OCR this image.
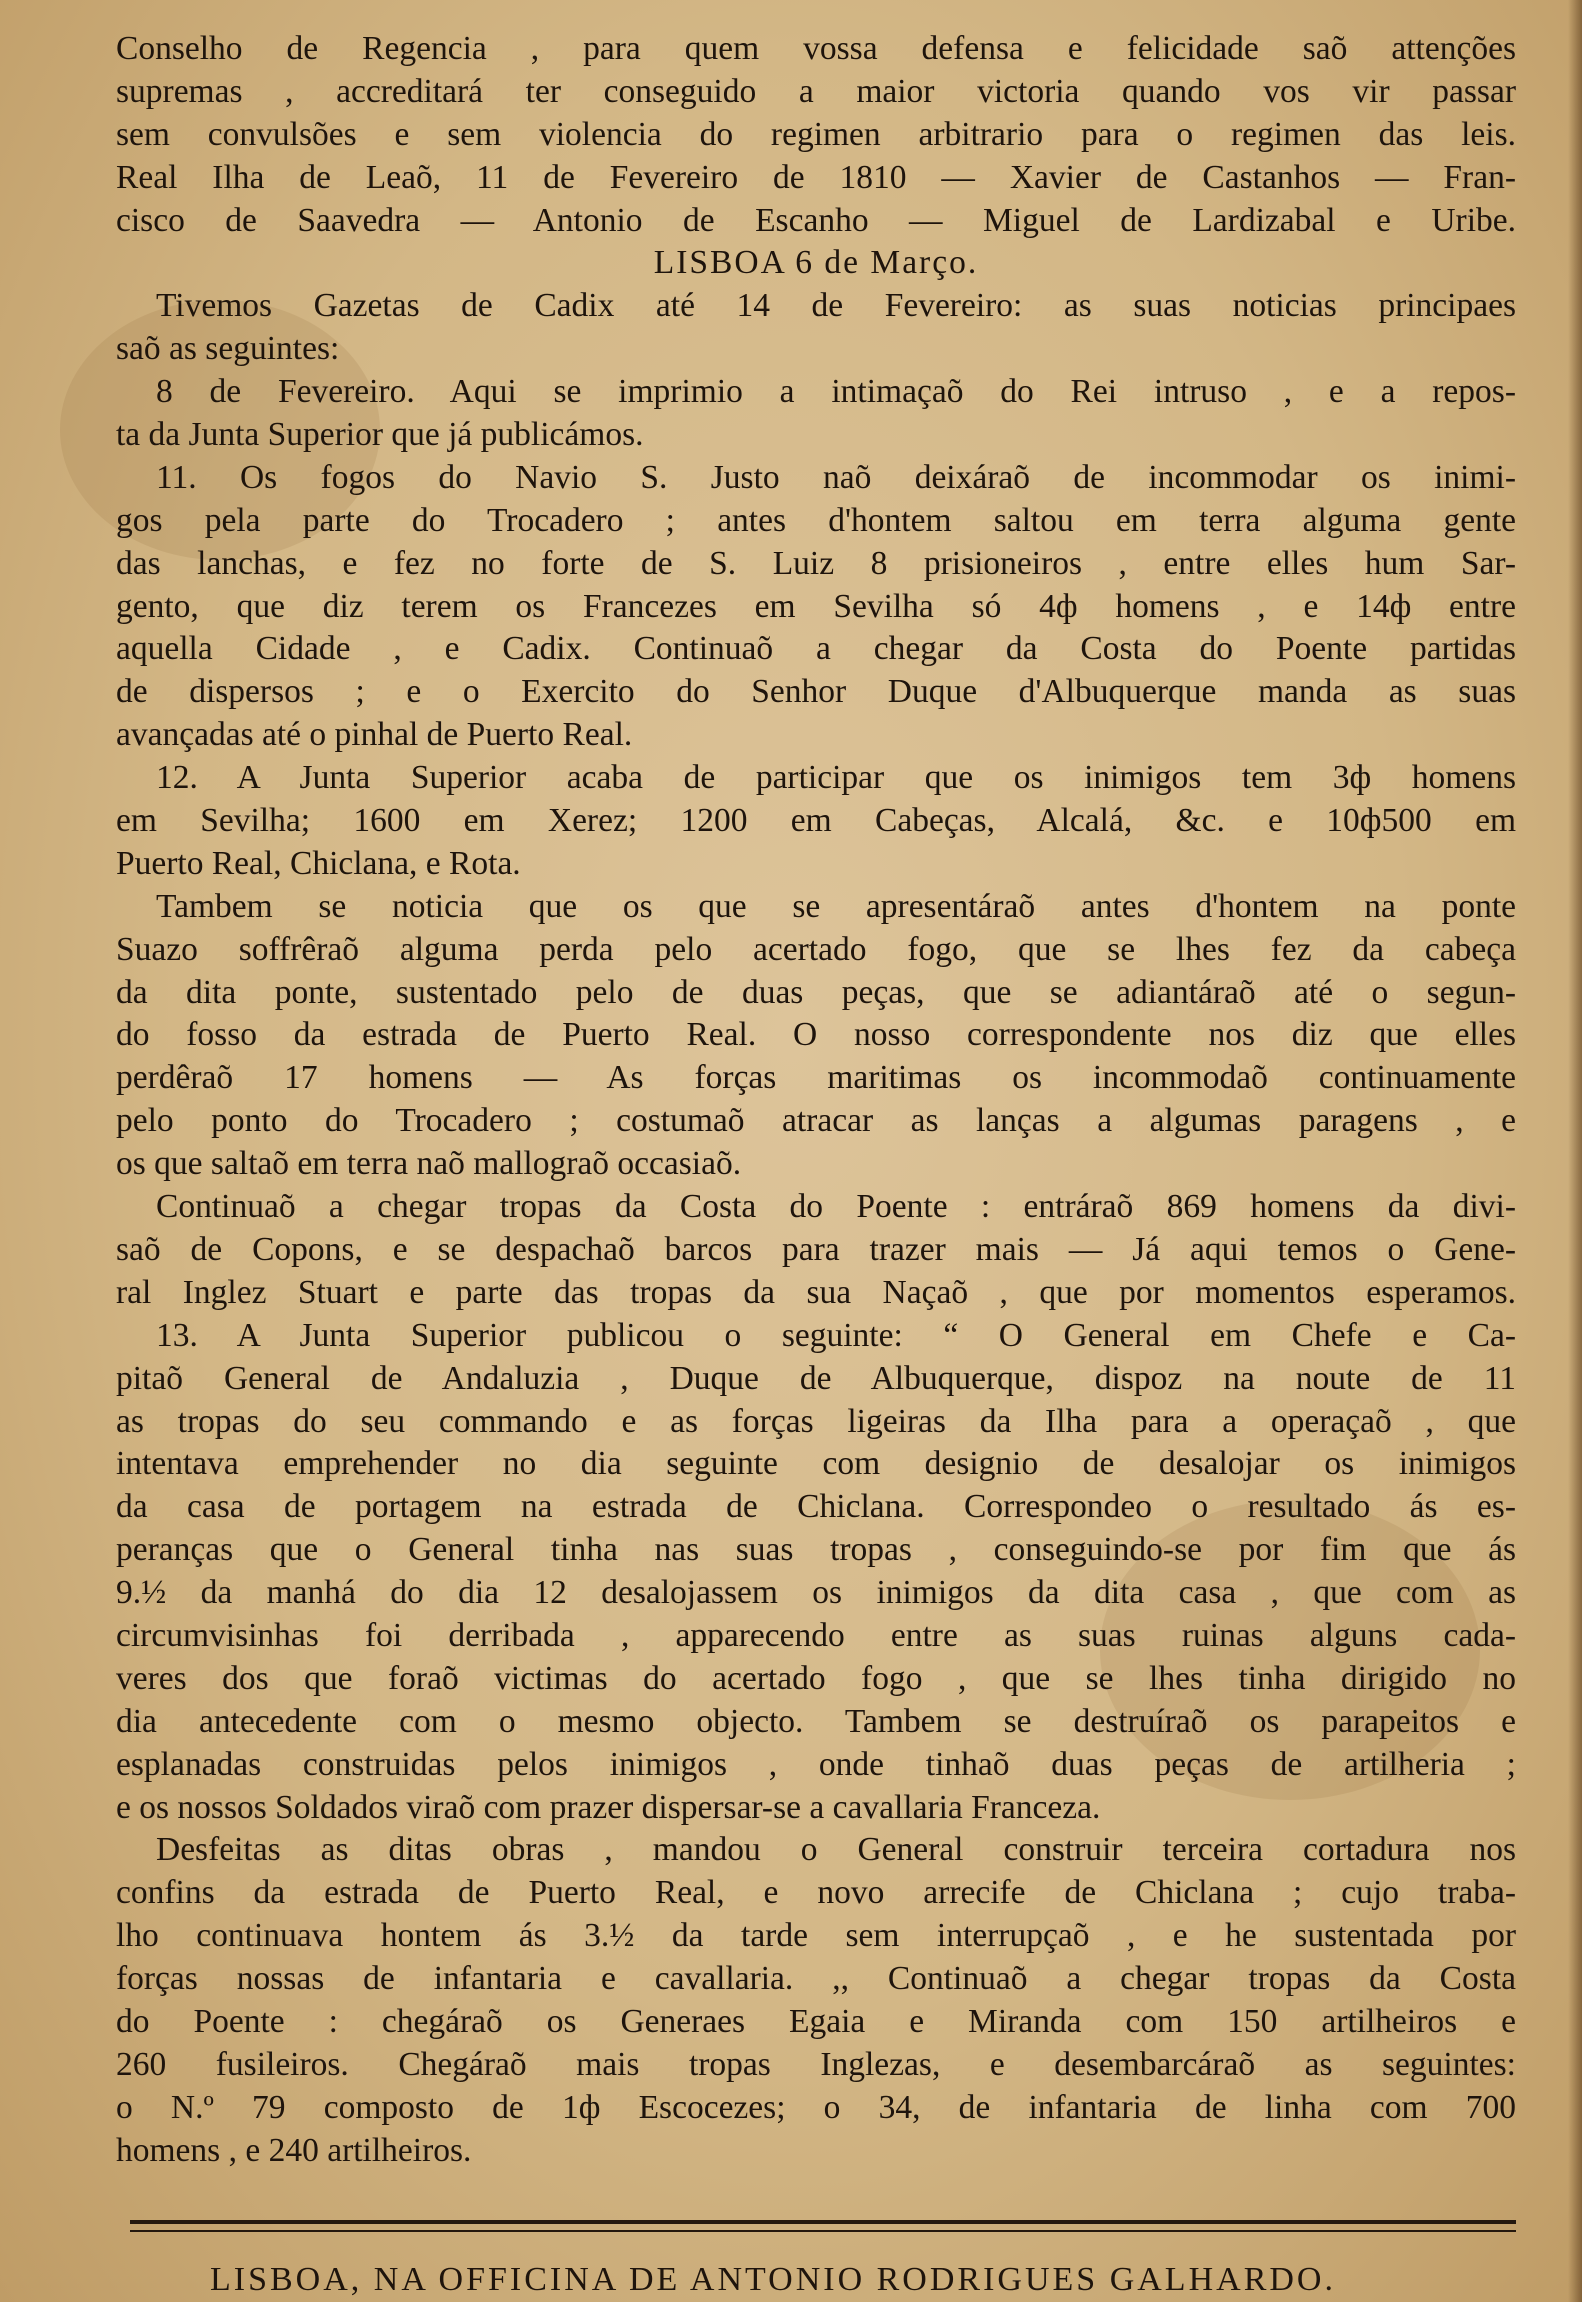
Conselho de Regencia , para quem vossa defensa e felicidade saõ attenções
supremas , accreditará ter conseguido a maior victoria quando vos vir passar
sem convulsões e sem violencia do regimen arbitrario para o regimen das leis.
Real Ilha de Leaõ, 11 de Fevereiro de 1810 — Xavier de Castanhos — Fran-
cisco de Saavedra — Antonio de Escanho — Miguel de Lardizabal e Uribe.
LISBOA 6 de Março.
Tivemos Gazetas de Cadix até 14 de Fevereiro: as suas noticias principaes
saõ as seguintes:
8 de Fevereiro. Aqui se imprimio a intimaçaõ do Rei intruso , e a repos-
ta da Junta Superior que já publicámos.
11. Os fogos do Navio S. Justo naõ deixáraõ de incommodar os inimi-
gos pela parte do Trocadero ; antes d'hontem saltou em terra alguma gente
das lanchas, e fez no forte de S. Luiz 8 prisioneiros , entre elles hum Sar-
gento, que diz terem os Francezes em Sevilha só 4ф homens , e 14ф entre
aquella Cidade , e Cadix. Continuaõ a chegar da Costa do Poente partidas
de dispersos ; e o Exercito do Senhor Duque d'Albuquerque manda as suas
avançadas até o pinhal de Puerto Real.
12. A Junta Superior acaba de participar que os inimigos tem 3ф homens
em Sevilha; 1600 em Xerez; 1200 em Cabeças, Alcalá, &c. e 10ф500 em
Puerto Real, Chiclana, e Rota.
Tambem se noticia que os que se apresentáraõ antes d'hontem na ponte
Suazo soffrêraõ alguma perda pelo acertado fogo, que se lhes fez da cabeça
da dita ponte, sustentado pelo de duas peças, que se adiantáraõ até o segun-
do fosso da estrada de Puerto Real. O nosso correspondente nos diz que elles
perdêraõ 17 homens — As forças maritimas os incommodaõ continuamente
pelo ponto do Trocadero ; costumaõ atracar as lanças a algumas paragens , e
os que saltaõ em terra naõ mallograõ occasiaõ.
Continuaõ a chegar tropas da Costa do Poente : entráraõ 869 homens da divi-
saõ de Copons, e se despachaõ barcos para trazer mais — Já aqui temos o Gene-
ral Inglez Stuart e parte das tropas da sua Naçaõ , que por momentos esperamos.
13. A Junta Superior publicou o seguinte: “ O General em Chefe e Ca-
pitaõ General de Andaluzia , Duque de Albuquerque, dispoz na noute de 11
as tropas do seu commando e as forças ligeiras da Ilha para a operaçaõ , que
intentava emprehender no dia seguinte com designio de desalojar os inimigos
da casa de portagem na estrada de Chiclana. Correspondeo o resultado ás es-
peranças que o General tinha nas suas tropas , conseguindo-se por fim que ás
9.½ da manhá do dia 12 desalojassem os inimigos da dita casa , que com as
circumvisinhas foi derribada , apparecendo entre as suas ruinas alguns cada-
veres dos que foraõ victimas do acertado fogo , que se lhes tinha dirigido no
dia antecedente com o mesmo objecto. Tambem se destruíraõ os parapeitos e
esplanadas construidas pelos inimigos , onde tinhaõ duas peças de artilheria ;
e os nossos Soldados viraõ com prazer dispersar-se a cavallaria Franceza.
Desfeitas as ditas obras , mandou o General construir terceira cortadura nos
confins da estrada de Puerto Real, e novo arrecife de Chiclana ; cujo traba-
lho continuava hontem ás 3.½ da tarde sem interrupçaõ , e he sustentada por
forças nossas de infantaria e cavallaria. ,, Continuaõ a chegar tropas da Costa
do Poente : chegáraõ os Generaes Egaia e Miranda com 150 artilheiros e
260 fusileiros. Chegáraõ mais tropas Inglezas, e desembarcáraõ as seguintes:
o N.º 79 composto de 1ф Escocezes; o 34, de infantaria de linha com 700
homens , e 240 artilheiros.
LISBOA, NA OFFICINA DE ANTONIO RODRIGUES GALHARDO.
